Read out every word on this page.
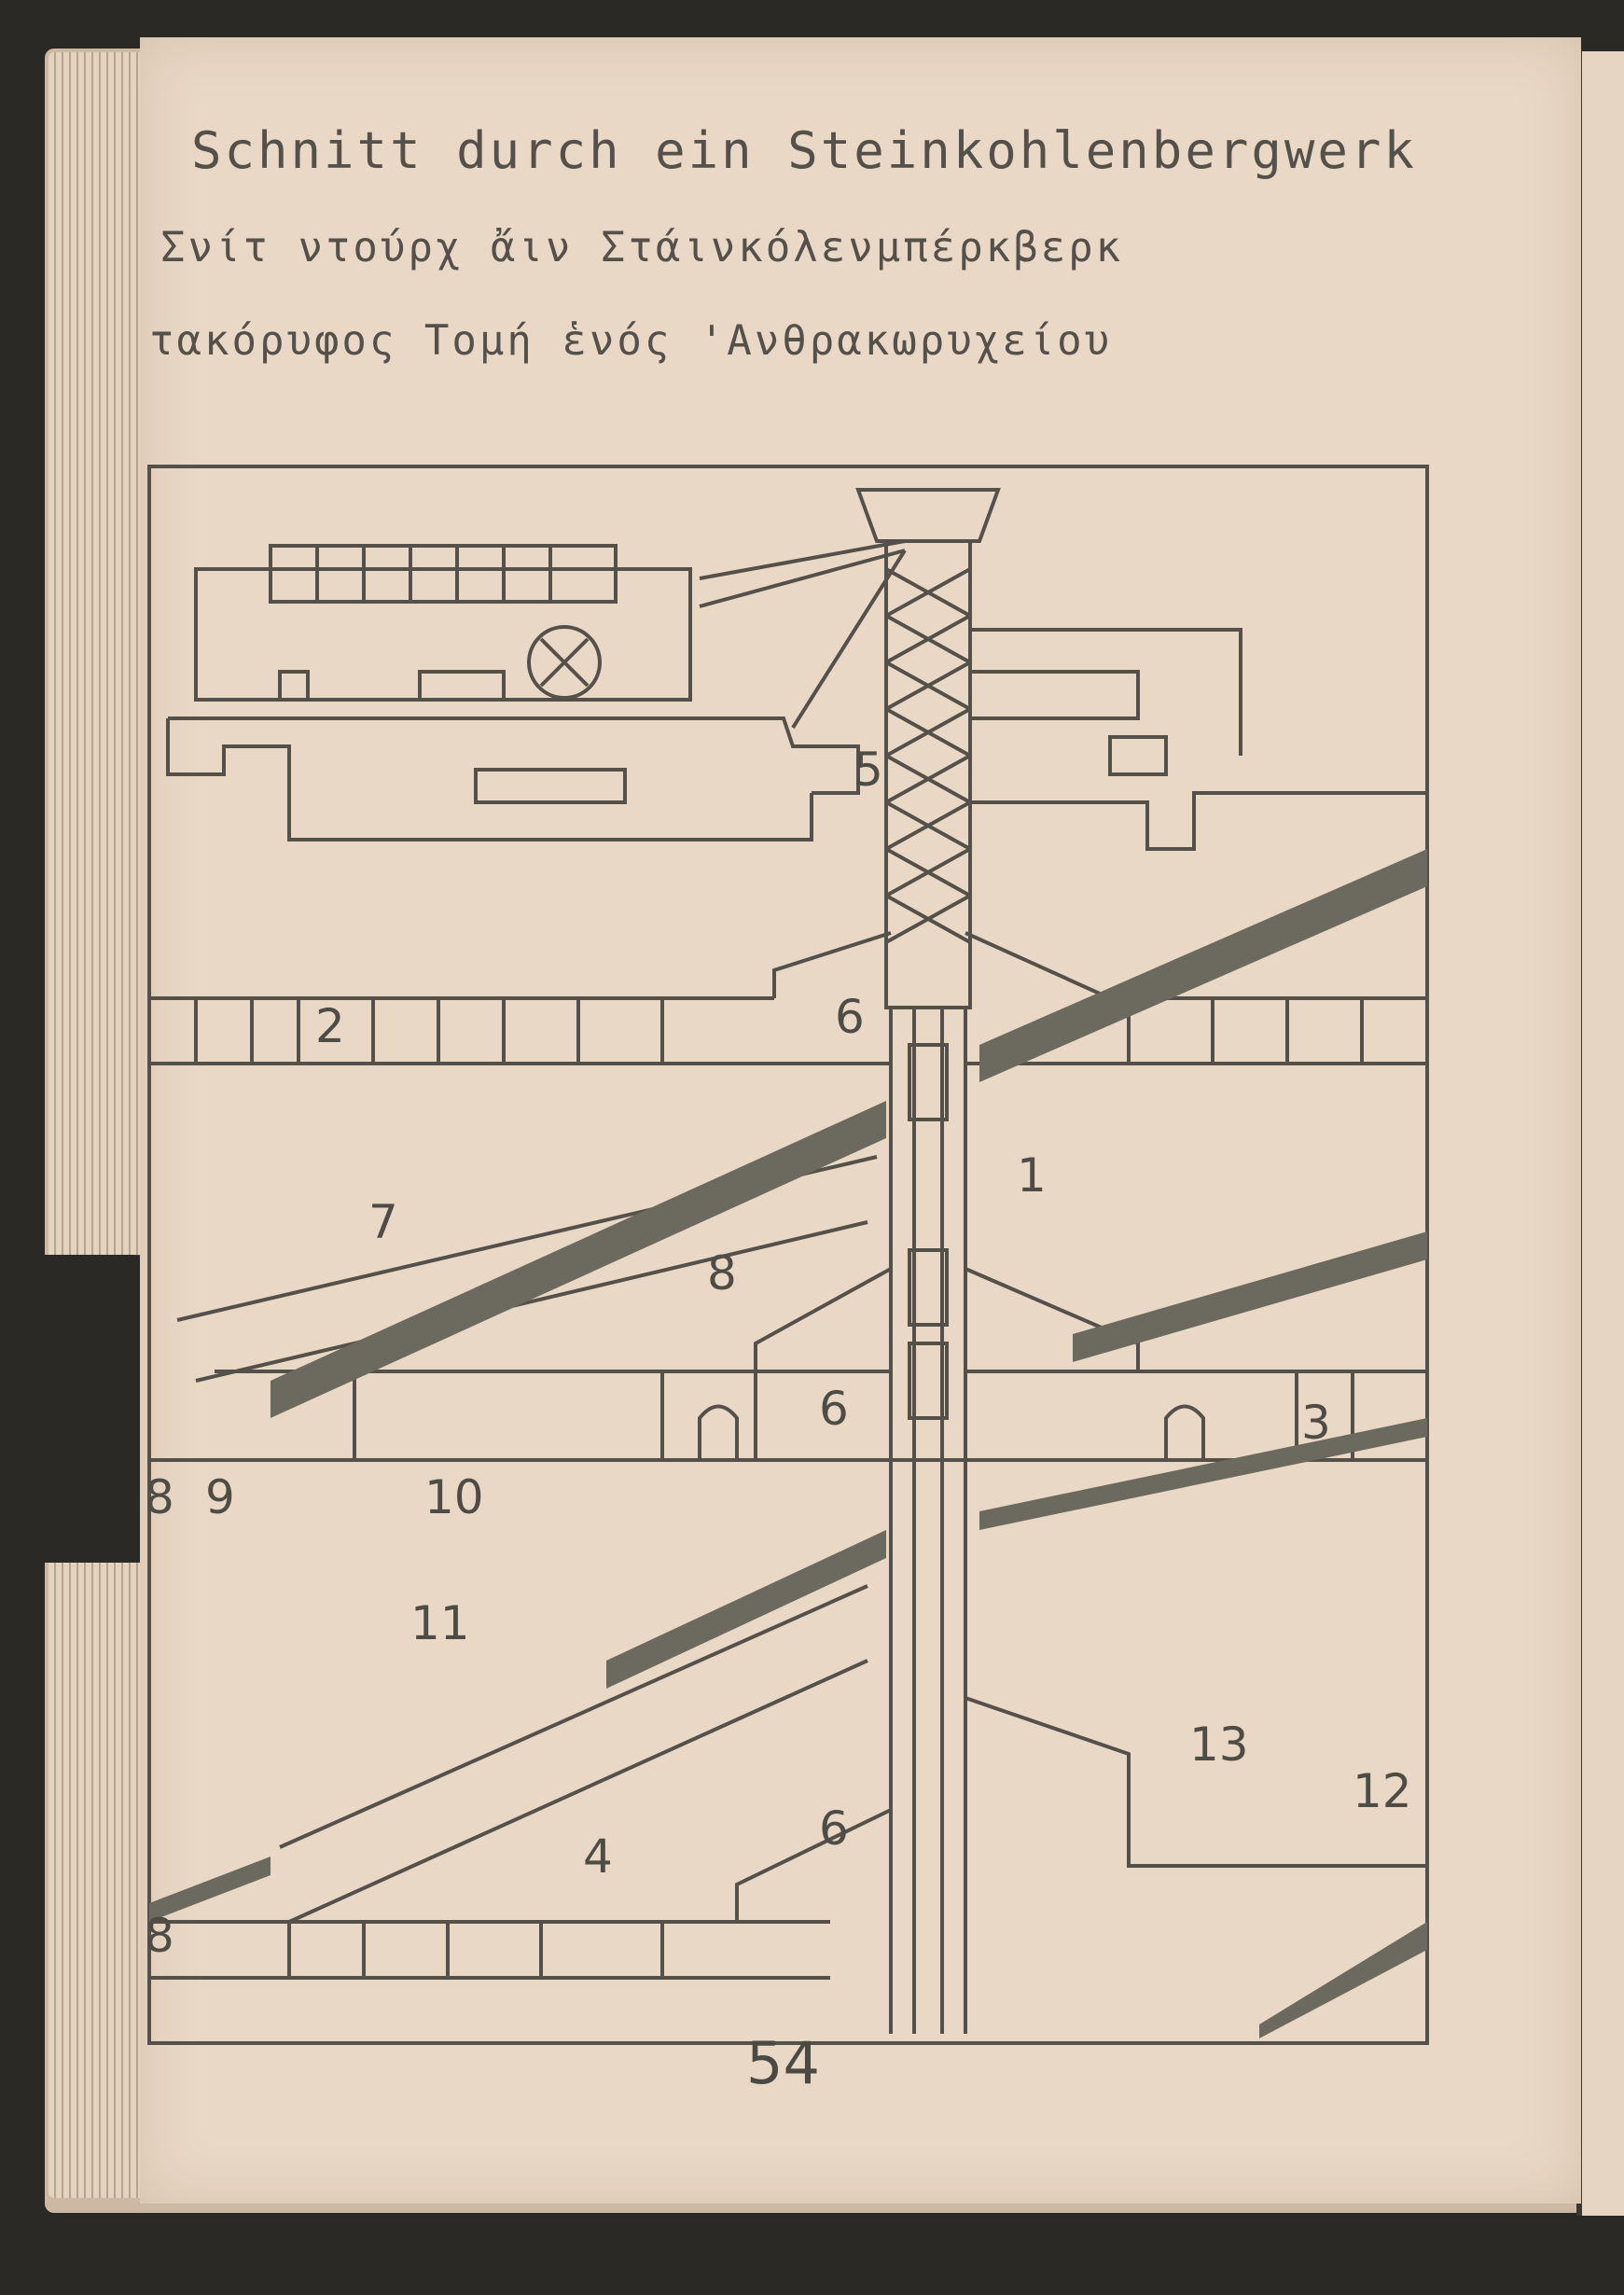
Schnitt durch ein Steinkohlenbergwerk
Σνίτ ντούρχ ἄιν Στάινκόλενμπέρκβερκ
τακόρυφος Τομή ἑνός 'Ανθρακωρυχείου
1
2
3
4
5
6
6
6
7
8
8
8
9	10
11
12
13

54
